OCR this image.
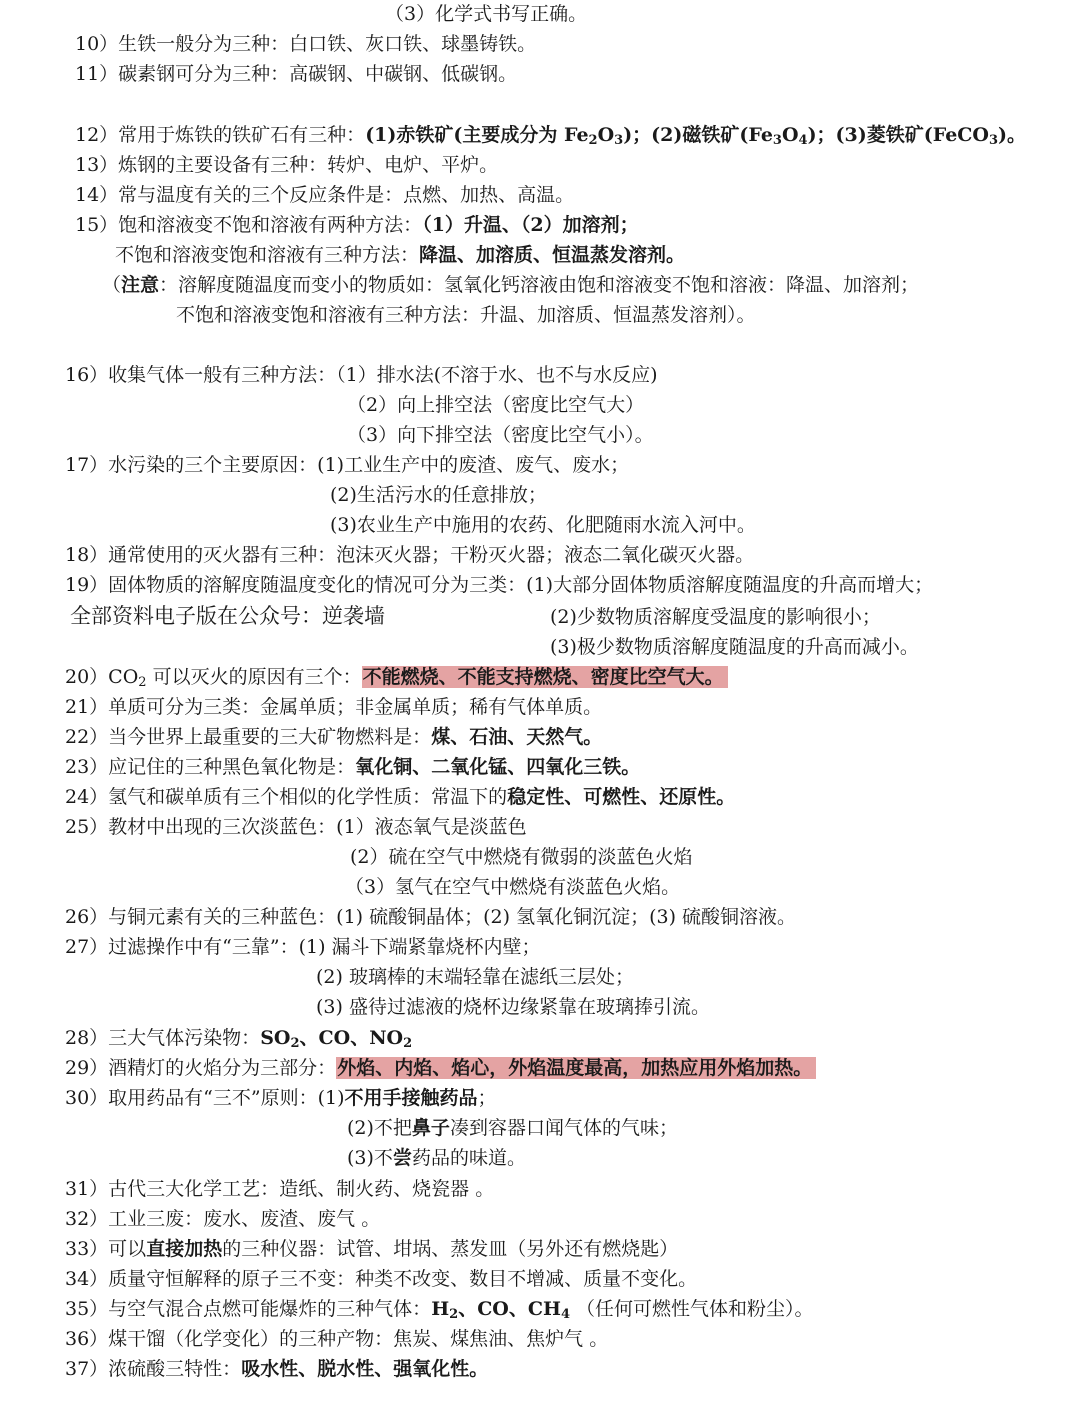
（3）化学式书写正确。
10）生铁一般分为三种：白口铁、灰口铁、球墨铸铁。
11）碳素钢可分为三种：高碳钢、中碳钢、低碳钢。
12）常用于炼铁的铁矿石有三种：(1)赤铁矿(主要成分为 Fe2O3)；(2)磁铁矿(Fe3O4)；(3)菱铁矿(FeCO3)。
13）炼钢的主要设备有三种：转炉、电炉、平炉。
14）常与温度有关的三个反应条件是：点燃、加热、高温。
15）饱和溶液变不饱和溶液有两种方法：（1）升温、（2）加溶剂；
不饱和溶液变饱和溶液有三种方法：降温、加溶质、恒温蒸发溶剂。
（注意：溶解度随温度而变小的物质如：氢氧化钙溶液由饱和溶液变不饱和溶液：降温、加溶剂；
不饱和溶液变饱和溶液有三种方法：升温、加溶质、恒温蒸发溶剂）。
16）收集气体一般有三种方法：（1）排水法(不溶于水、也不与水反应)
（2）向上排空法（密度比空气大）
（3）向下排空法（密度比空气小）。
17）水污染的三个主要原因：(1)工业生产中的废渣、废气、废水；
(2)生活污水的任意排放；
(3)农业生产中施用的农药、化肥随雨水流入河中。
18）通常使用的灭火器有三种：泡沫灭火器；干粉灭火器；液态二氧化碳灭火器。
19）固体物质的溶解度随温度变化的情况可分为三类：(1)大部分固体物质溶解度随温度的升高而增大；
全部资料电子版在公众号：逆袭墙	(2)少数物质溶解度受温度的影响很小；
(3)极少数物质溶解度随温度的升高而减小。
20）CO2 可以灭火的原因有三个：不能燃烧、不能支持燃烧、密度比空气大。
21）单质可分为三类：金属单质；非金属单质；稀有气体单质。
22）当今世界上最重要的三大矿物燃料是：煤、石油、天然气。
23）应记住的三种黑色氧化物是：氧化铜、二氧化锰、四氧化三铁。
24）氢气和碳单质有三个相似的化学性质：常温下的稳定性、可燃性、还原性。
25）教材中出现的三次淡蓝色：(1）液态氧气是淡蓝色
(2）硫在空气中燃烧有微弱的淡蓝色火焰
（3）氢气在空气中燃烧有淡蓝色火焰。
26）与铜元素有关的三种蓝色：(1) 硫酸铜晶体；(2) 氢氧化铜沉淀；(3) 硫酸铜溶液。
27）过滤操作中有“三靠”：(1) 漏斗下端紧靠烧杯内壁；
(2) 玻璃棒的末端轻靠在滤纸三层处；
(3) 盛待过滤液的烧杯边缘紧靠在玻璃捧引流。
28）三大气体污染物：SO2、CO、NO2
29）酒精灯的火焰分为三部分：外焰、内焰、焰心，外焰温度最高，加热应用外焰加热。
30）取用药品有“三不”原则：(1)不用手接触药品；
(2)不把鼻子凑到容器口闻气体的气味；
(3)不尝药品的味道。
31）古代三大化学工艺：造纸、制火药、烧瓷器 。
32）工业三废：废水、废渣、废气 。
33）可以直接加热的三种仪器：试管、坩埚、蒸发皿（另外还有燃烧匙）
34）质量守恒解释的原子三不变：种类不改变、数目不增减、质量不变化。
35）与空气混合点燃可能爆炸的三种气体：H2、CO、CH4 （任何可燃性气体和粉尘）。
36）煤干馏（化学变化）的三种产物：焦炭、煤焦油、焦炉气 。
37）浓硫酸三特性：吸水性、脱水性、强氧化性。
